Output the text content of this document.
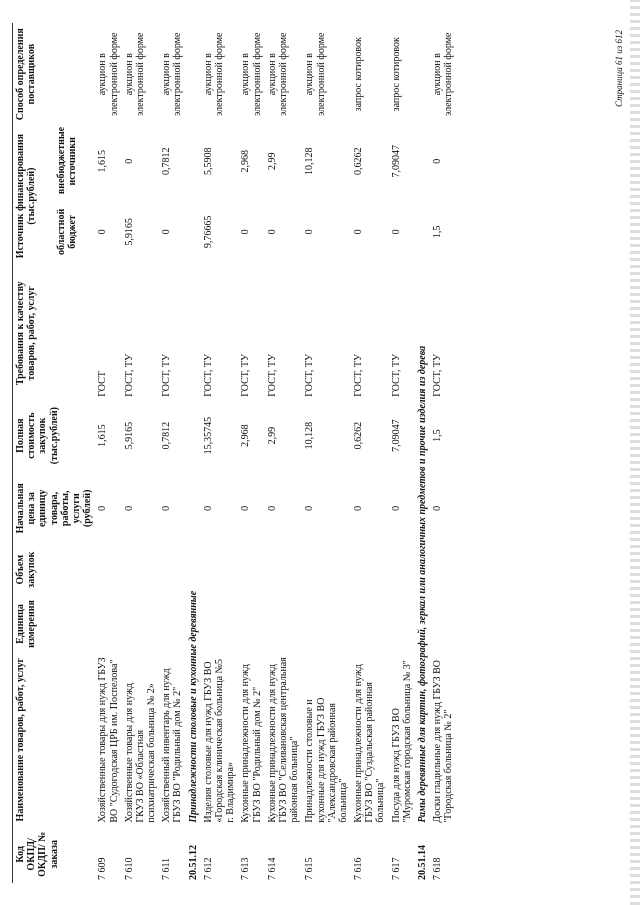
Код ОКПД/ ОКДП/ № заказа	Наименование товаров, работ, услуг	Единица измерения	Объем закупок	Начальная цена за единицу товара, работы, услуги (рублей)	Полная стоимость закупок (тыс.рублей)	Требования к качеству товаров, работ, услуг	Источник финансирования (тыс.рублей)		Способ определения поставщиков
							областной бюджет	внебюджетные источники	
7 609	Хозяйственные товары для нужд ГБУЗ ВО "Судогодская ЦРБ им. Поспелова"			0	1,615	ГОСТ	0	1,615	аукцион в электронной форме
7 610	Хозяйственные товары для нужд ГКУЗ ВО «Областная психиатрическая больница № 2»			0	5,9165	ГОСТ, ТУ	5,9165	0	аукцион в электронной форме
7 611	Хозяйственный инвентарь для нужд ГБУЗ ВО "Родильный дом № 2"			0	0,7812	ГОСТ, ТУ	0	0,7812	аукцион в электронной форме
20.51.12	Принадлежности столовые и кухонные деревянные								
7 612	Изделия столовые для нужд ГБУЗ ВО «Городская клиническая больница №5 г. Владимира»			0	15,35745	ГОСТ, ТУ	9,76665	5,5908	аукцион в электронной форме
7 613	Кухонные принадлежности для нужд ГБУЗ ВО "Родильный дом № 2"			0	2,968	ГОСТ, ТУ	0	2,968	аукцион в электронной форме
7 614	Кухонные принадлежности для нужд ГБУЗ ВО "Селивановская центральная районная больница"			0	2,99	ГОСТ, ТУ	0	2,99	аукцион в электронной форме
7 615	Принадлежности столовые и кухонные для нужд ГБУЗ ВО "Александровская районная больница"			0	10,128	ГОСТ, ТУ	0	10,128	аукцион в электронной форме
7 616	Кухонные принадлежности для нужд ГБУЗ ВО "Суздальская районная больница"			0	0,6262	ГОСТ, ТУ	0	0,6262	запрос котировок
7 617	Посуда для нужд ГБУЗ ВО "Муромская городская больница № 3"			0	7,09047	ГОСТ, ТУ	0	7,09047	запрос котировок
20.51.14	Рамы деревянные для картин, фотографий, зеркал или аналогичных предметов и прочие изделия из дерева								
7 618	Доски гладильные для нужд ГБУЗ ВО "Городская больница № 2"			0	1,5	ГОСТ, ТУ	1,5	0	аукцион в электронной форме	Страница 61 из 612
